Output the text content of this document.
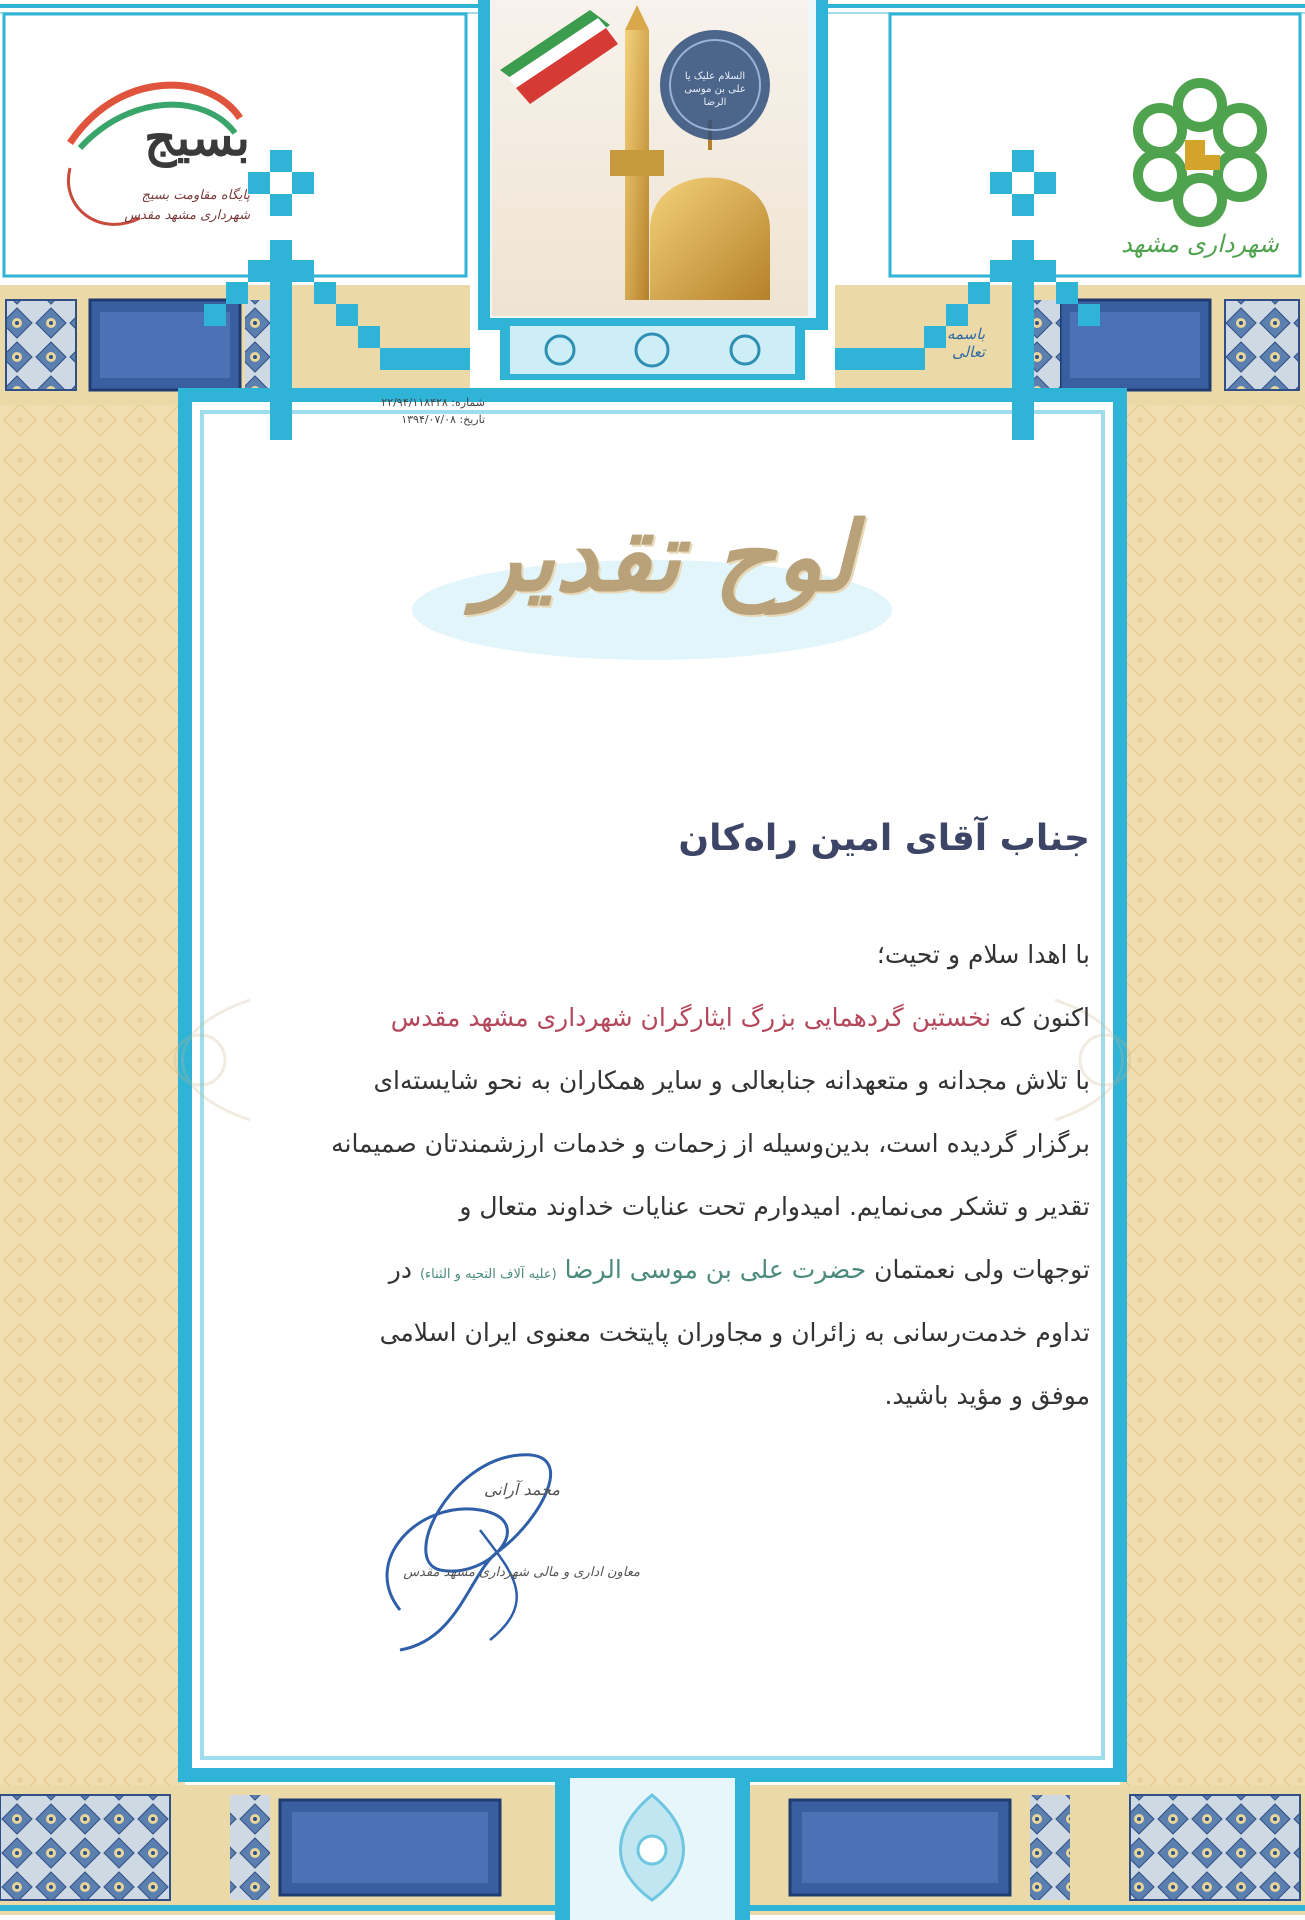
بسیج
پایگاه مقاومت بسیج
شهرداری مشهد مقدس
السلام علیک یا علی بن موسی الرضا
شهرداری مشهد
باسمه تعالی
شماره: ۲۲/۹۴/۱۱۸۴۲۸
تاریخ: ۱۳۹۴/۰۷/۰۸
لوح تقدیر
جناب آقای امین راه‌کان
با اهدا سلام و تحیت؛
اکنون که نخستین گردهمایی بزرگ ایثارگران شهرداری مشهد مقدس
با تلاش مجدانه و متعهدانه جنابعالی و سایر همکاران به نحو شایسته‌ای
برگزار گردیده است، بدین‌وسیله از زحمات و خدمات ارزشمندتان صمیمانه
تقدیر و تشکر می‌نمایم. امیدوارم تحت عنایات خداوند متعال و
توجهات ولی نعمتمان حضرت علی بن موسی الرضا (علیه آلاف التحیه و الثناء) در
تداوم خدمت‌رسانی به زائران و مجاوران پایتخت معنوی ایران اسلامی
موفق و مؤید باشید.
محمد آرانی
معاون اداری و مالی شهرداری مشهد مقدس
